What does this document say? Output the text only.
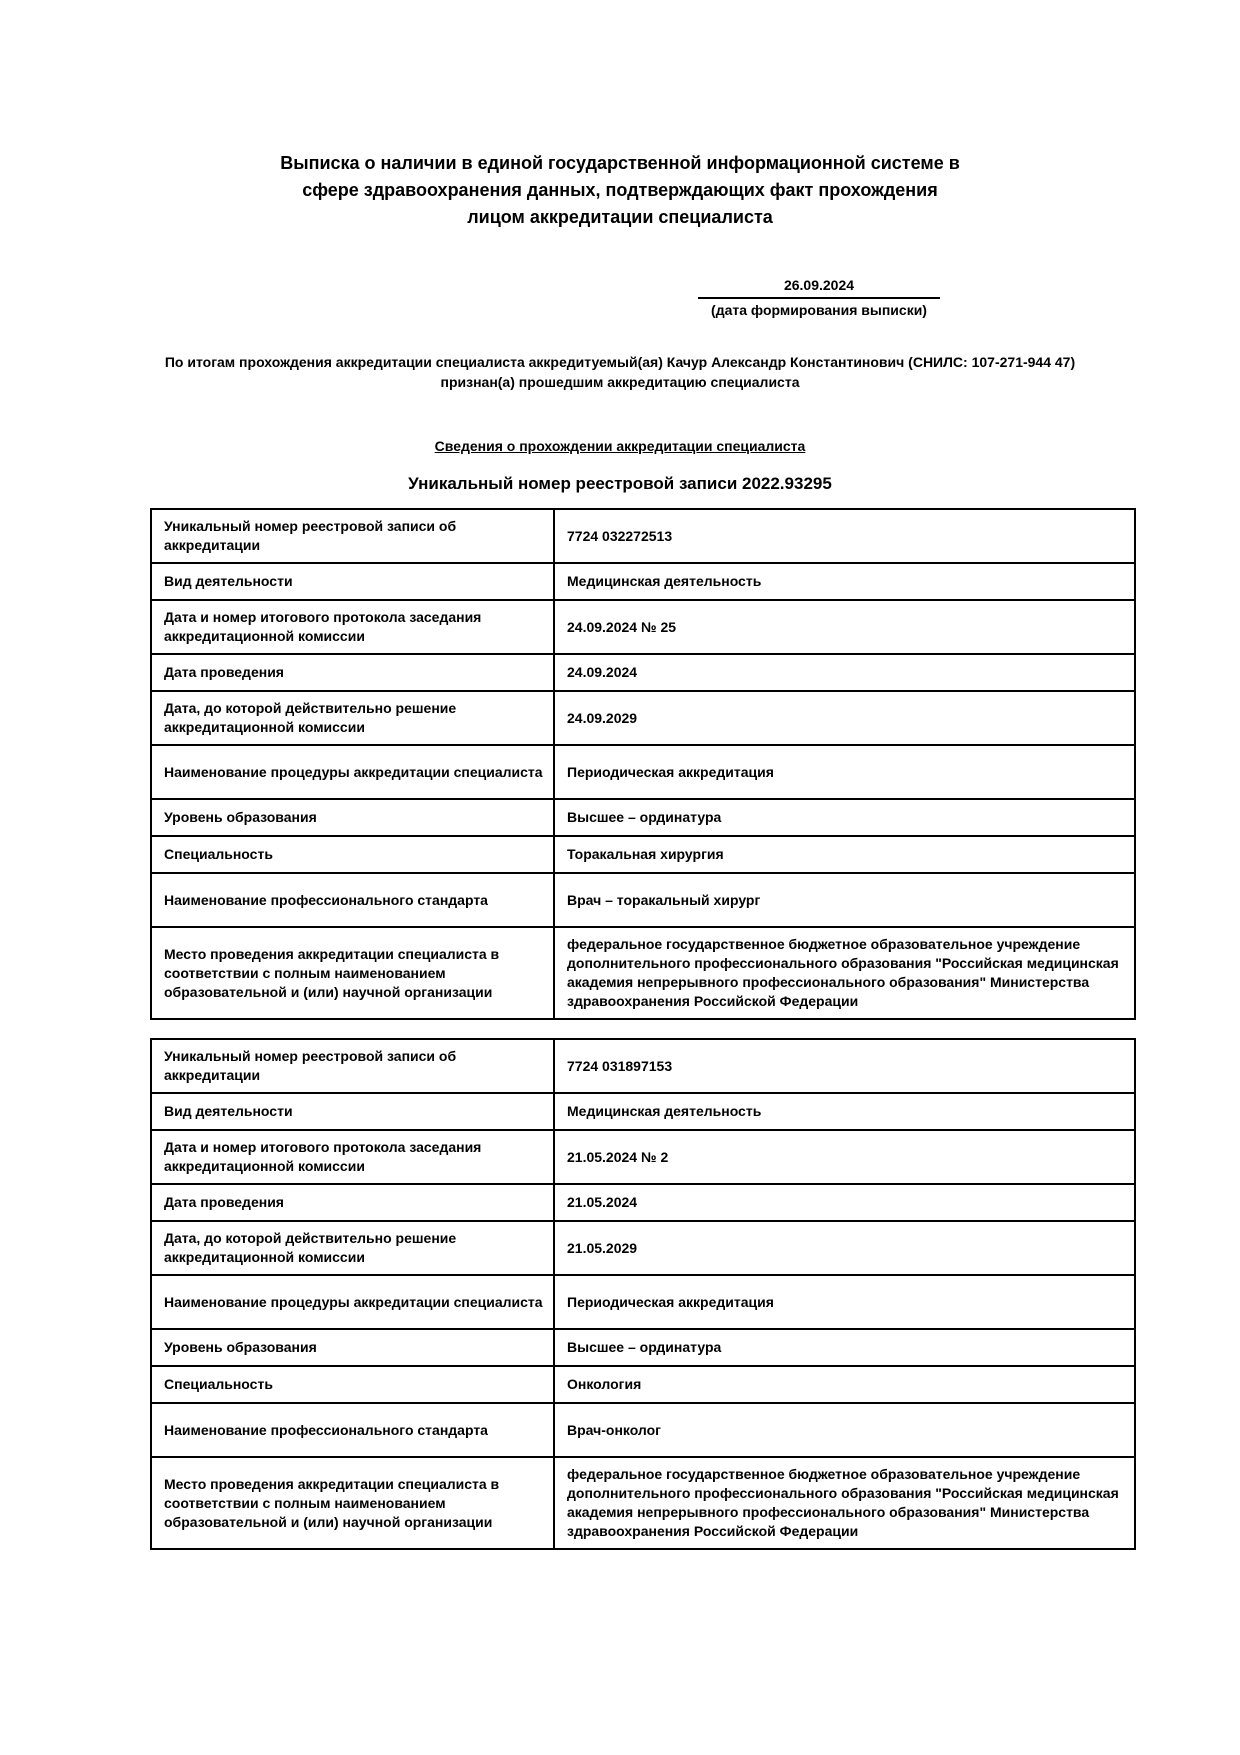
Выписка о наличии в единой государственной информационной системе в сфере здравоохранения данных, подтверждающих факт прохождения лицом аккредитации специалиста
26.09.2024
(дата формирования выписки)

По итогам прохождения аккредитации специалиста аккредитуемый(ая) Качур Александр Константинович (СНИЛС: 107-271-944 47) признан(а) прошедшим аккредитацию специалиста

Сведения о прохождении аккредитации специалиста
Уникальный номер реестровой записи 2022.93295
Уникальный номер реестровой записи об аккредитации	7724 032272513
Вид деятельности	Медицинская деятельность
Дата и номер итогового протокола заседания аккредитационной комиссии	24.09.2024 № 25
Дата проведения	24.09.2024
Дата, до которой действительно решение аккредитационной комиссии	24.09.2029
Наименование процедуры аккредитации специалиста	Периодическая аккредитация
Уровень образования	Высшее – ординатура
Специальность	Торакальная хирургия
Наименование профессионального стандарта	Врач – торакальный хирург
Место проведения аккредитации специалиста в соответствии с полным наименованием образовательной и (или) научной организации	федеральное государственное бюджетное образовательное учреждение дополнительного профессионального образования "Российская медицинская академия непрерывного профессионального образования" Министерства здравоохранения Российской Федерации
Уникальный номер реестровой записи об аккредитации	7724 031897153
Вид деятельности	Медицинская деятельность
Дата и номер итогового протокола заседания аккредитационной комиссии	21.05.2024 № 2
Дата проведения	21.05.2024
Дата, до которой действительно решение аккредитационной комиссии	21.05.2029
Наименование процедуры аккредитации специалиста	Периодическая аккредитация
Уровень образования	Высшее – ординатура
Специальность	Онкология
Наименование профессионального стандарта	Врач-онколог
Место проведения аккредитации специалиста в соответствии с полным наименованием образовательной и (или) научной организации	федеральное государственное бюджетное образовательное учреждение дополнительного профессионального образования "Российская медицинская академия непрерывного профессионального образования" Министерства здравоохранения Российской Федерации
